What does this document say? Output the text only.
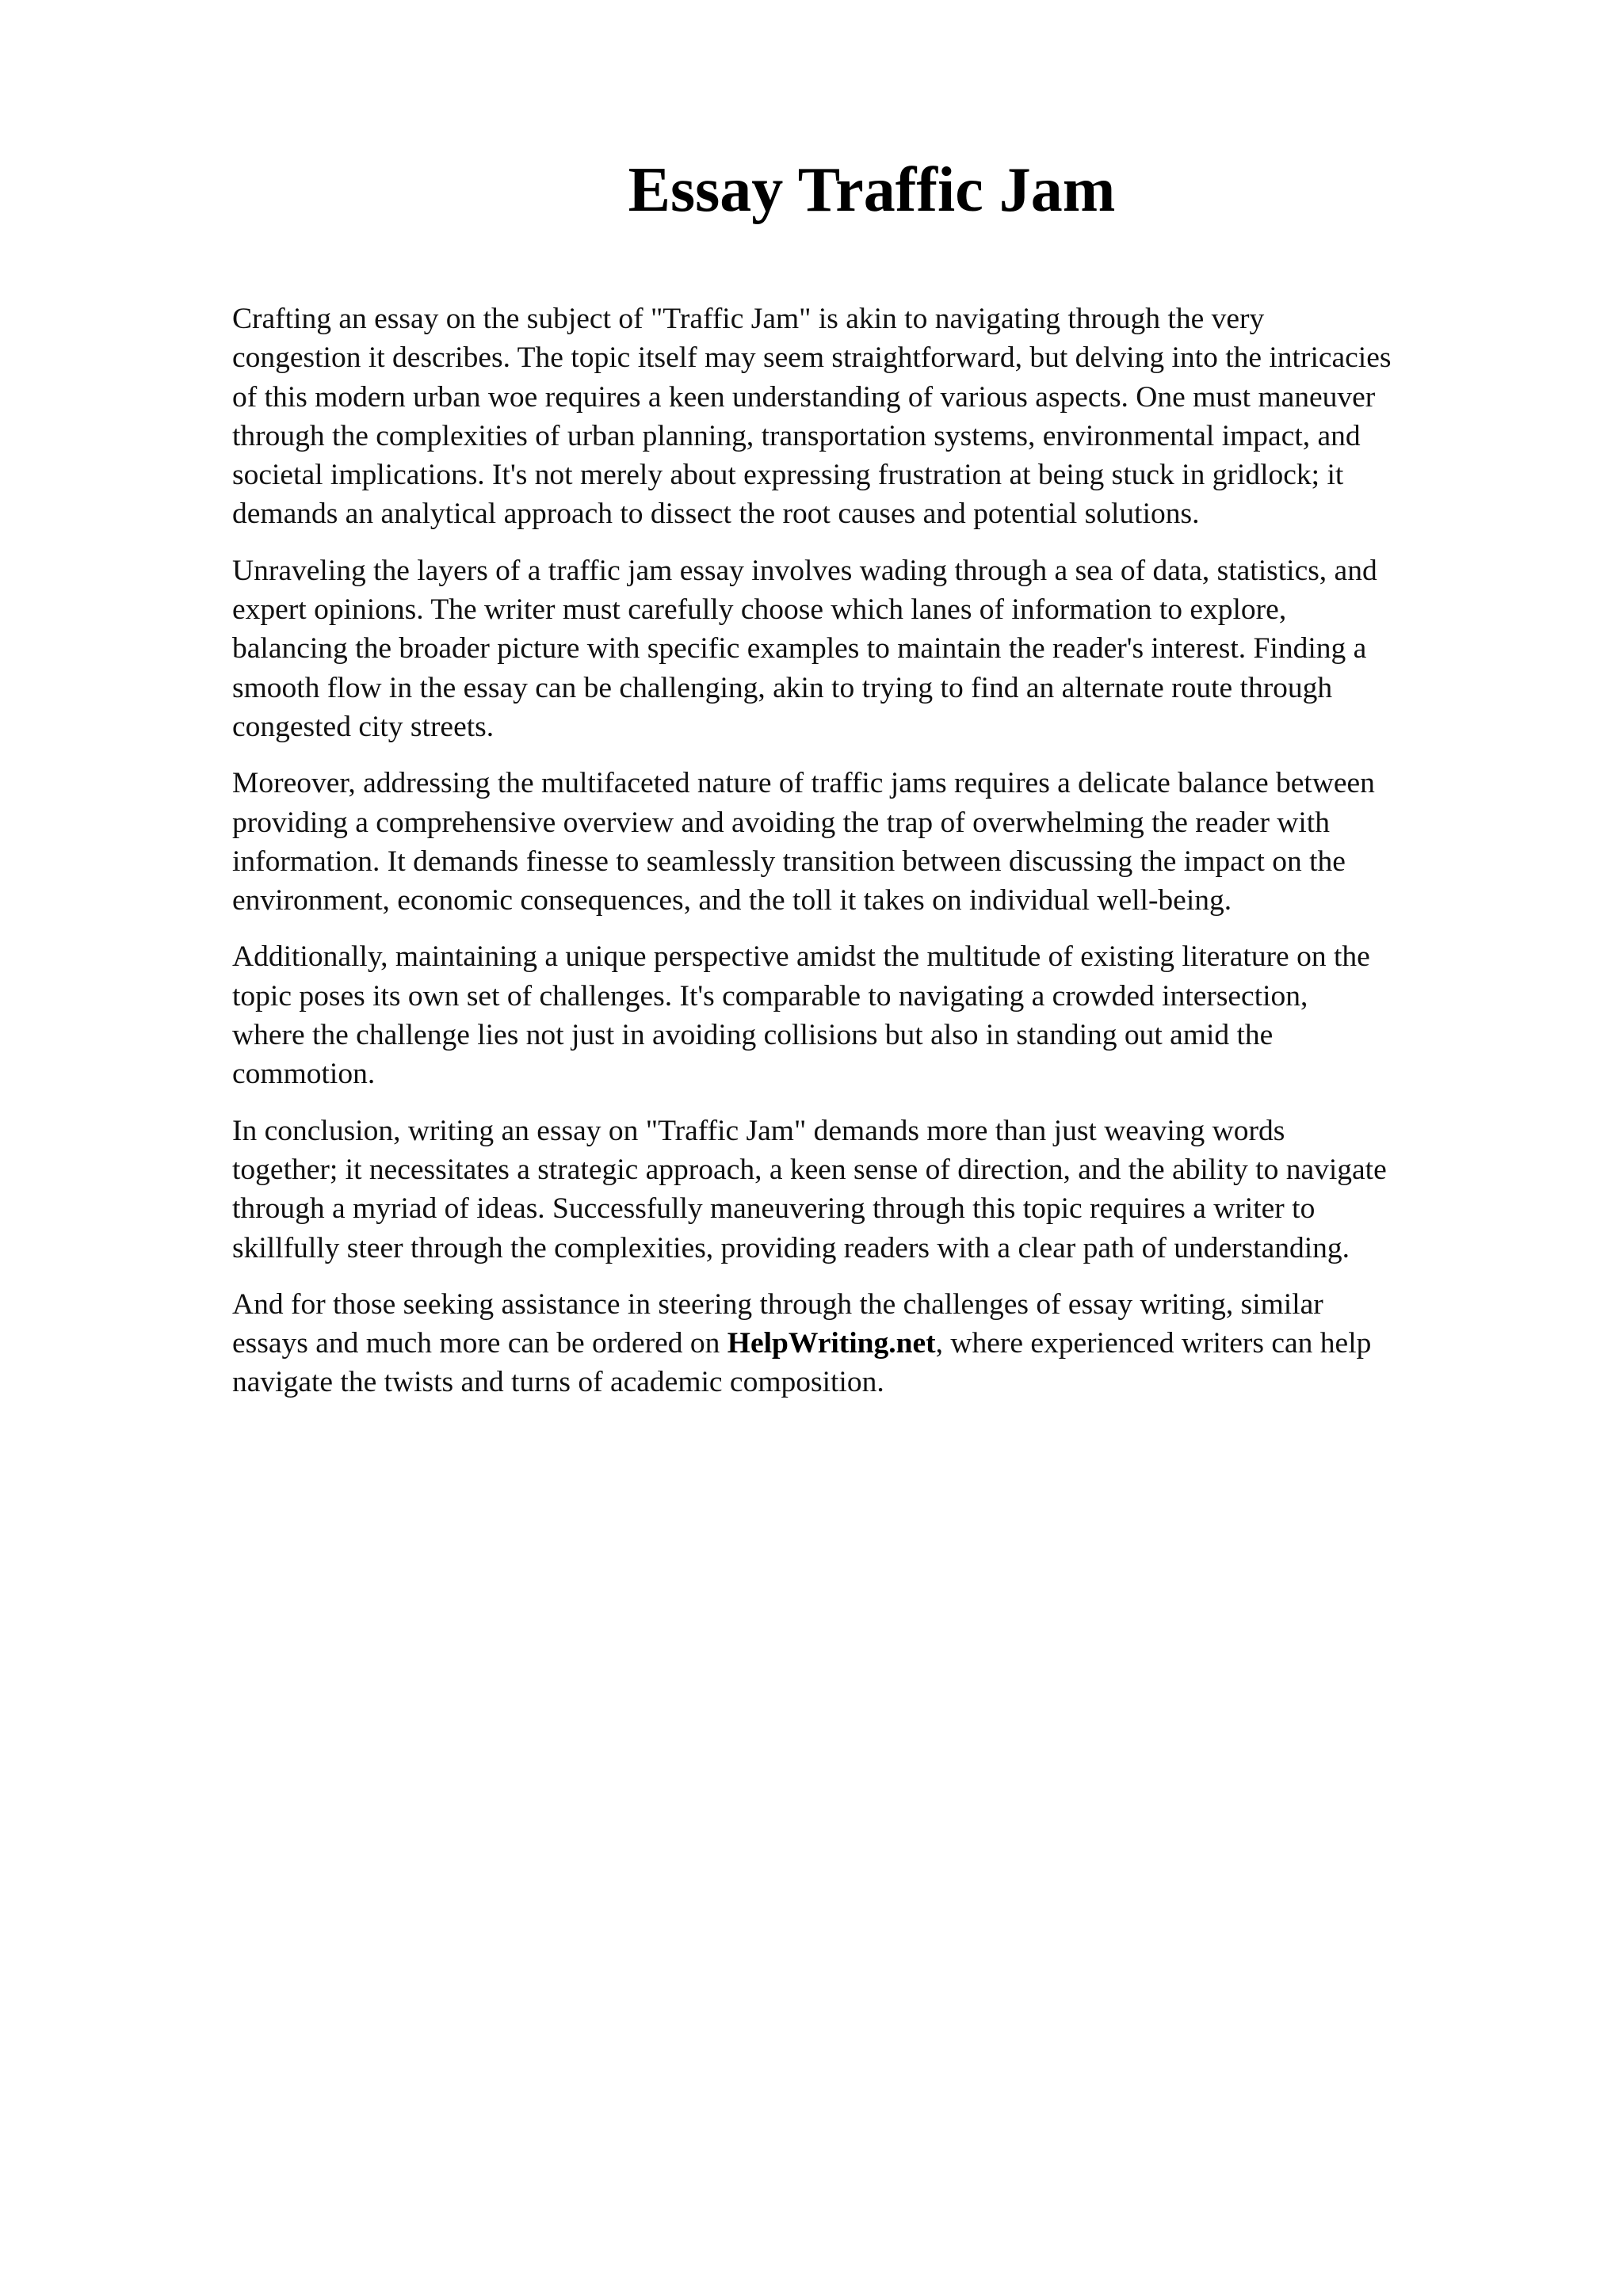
Essay Traffic Jam

Crafting an essay on the subject of "Traffic Jam" is akin to navigating through the very
congestion it describes. The topic itself may seem straightforward, but delving into the intricacies
of this modern urban woe requires a keen understanding of various aspects. One must maneuver
through the complexities of urban planning, transportation systems, environmental impact, and
societal implications. It's not merely about expressing frustration at being stuck in gridlock; it
demands an analytical approach to dissect the root causes and potential solutions.

Unraveling the layers of a traffic jam essay involves wading through a sea of data, statistics, and
expert opinions. The writer must carefully choose which lanes of information to explore,
balancing the broader picture with specific examples to maintain the reader's interest. Finding a
smooth flow in the essay can be challenging, akin to trying to find an alternate route through
congested city streets.

Moreover, addressing the multifaceted nature of traffic jams requires a delicate balance between
providing a comprehensive overview and avoiding the trap of overwhelming the reader with
information. It demands finesse to seamlessly transition between discussing the impact on the
environment, economic consequences, and the toll it takes on individual well-being.

Additionally, maintaining a unique perspective amidst the multitude of existing literature on the
topic poses its own set of challenges. It's comparable to navigating a crowded intersection,
where the challenge lies not just in avoiding collisions but also in standing out amid the
commotion.

In conclusion, writing an essay on "Traffic Jam" demands more than just weaving words
together; it necessitates a strategic approach, a keen sense of direction, and the ability to navigate
through a myriad of ideas. Successfully maneuvering through this topic requires a writer to
skillfully steer through the complexities, providing readers with a clear path of understanding.

And for those seeking assistance in steering through the challenges of essay writing, similar
essays and much more can be ordered on HelpWriting.net, where experienced writers can help
navigate the twists and turns of academic composition.
